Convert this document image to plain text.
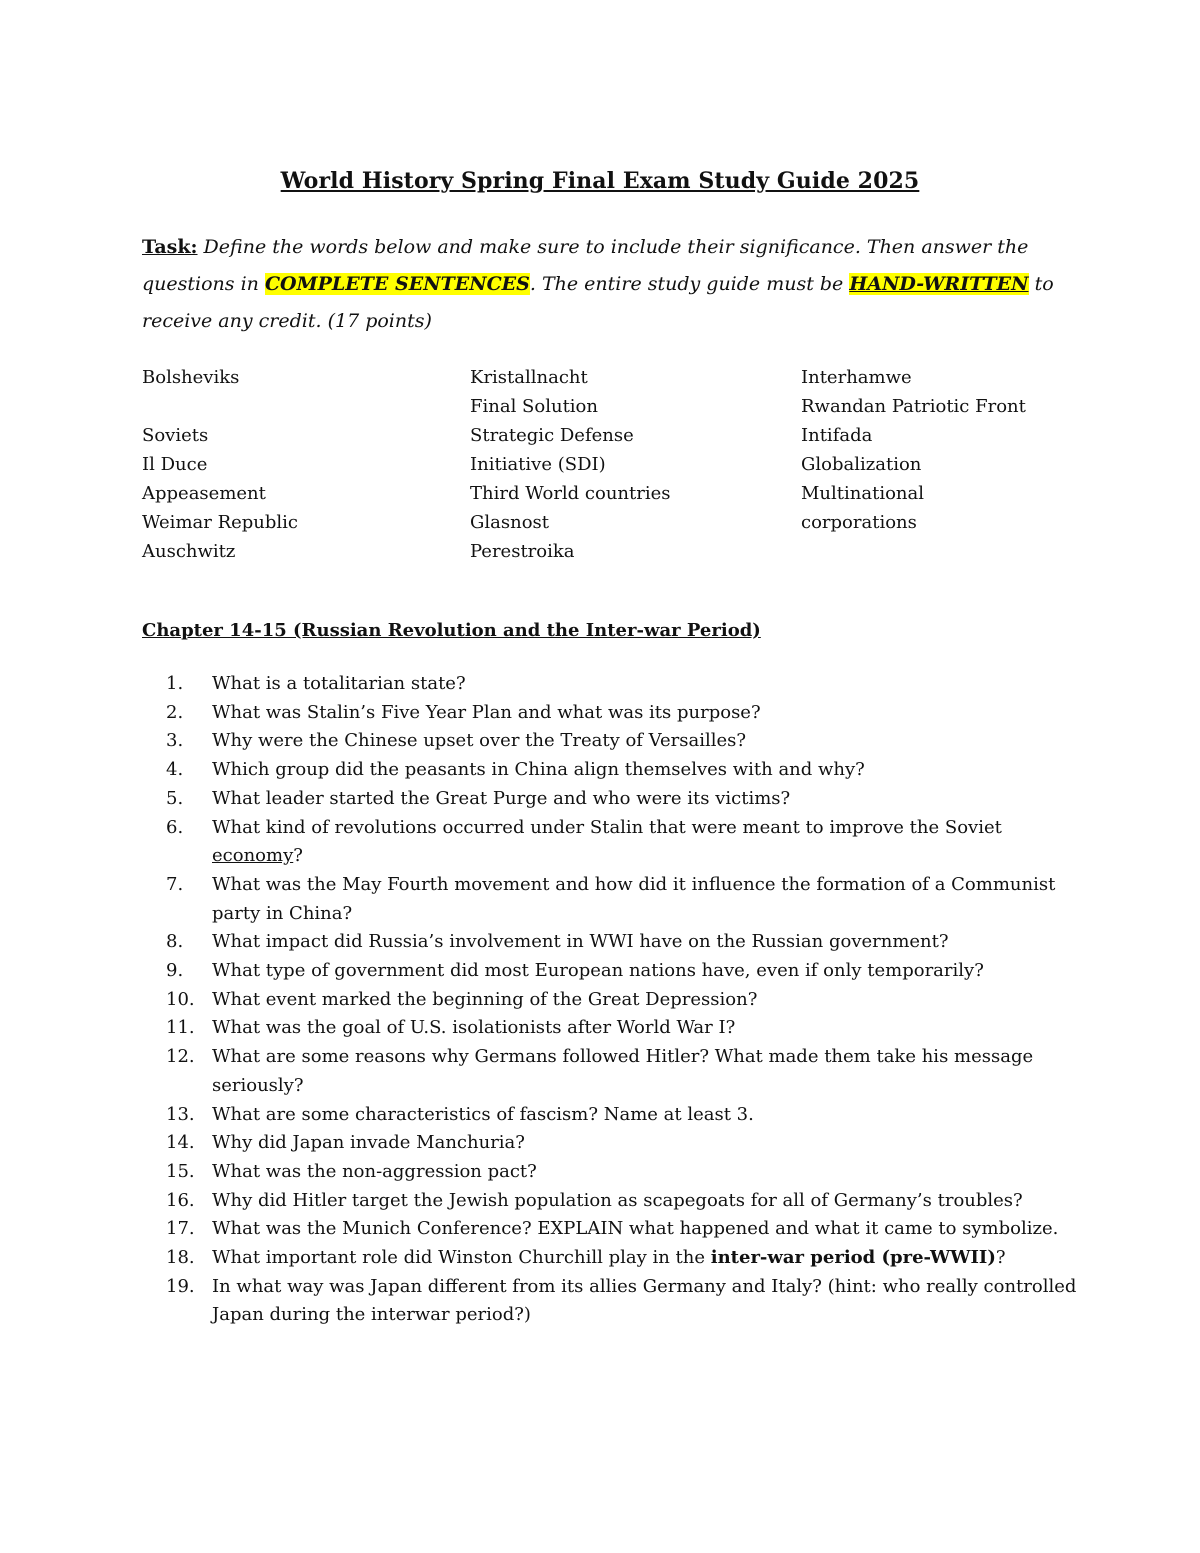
World History Spring Final Exam Study Guide 2025
Task: Define the words below and make sure to include their significance. Then answer the questions in COMPLETE SENTENCES. The entire study guide must be HAND-WRITTEN to receive any credit. (17 points)
Bolsheviks
Soviets
Il Duce
Appeasement
Weimar Republic
Auschwitz
Kristallnacht
Final Solution
Strategic Defense
Initiative (SDI)
Third World countries
Glasnost
Perestroika
Interhamwe
Rwandan Patriotic Front
Intifada
Globalization
Multinational
corporations
Chapter 14-15 (Russian Revolution and the Inter-war Period)
1.	What is a totalitarian state?
2.	What was Stalin’s Five Year Plan and what was its purpose?
3.	Why were the Chinese upset over the Treaty of Versailles?
4.	Which group did the peasants in China align themselves with and why?
5.	What leader started the Great Purge and who were its victims?
6.	What kind of revolutions occurred under Stalin that were meant to improve the Soviet economy?
7.	What was the May Fourth movement and how did it influence the formation of a Communist party in China?
8.	What impact did Russia’s involvement in WWI have on the Russian government?
9.	What type of government did most European nations have, even if only temporarily?
10. What event marked the beginning of the Great Depression?
11. What was the goal of U.S. isolationists after World War I?
12. What are some reasons why Germans followed Hitler? What made them take his message seriously?
13. What are some characteristics of fascism? Name at least 3.
14. Why did Japan invade Manchuria?
15. What was the non-aggression pact?
16. Why did Hitler target the Jewish population as scapegoats for all of Germany’s troubles?
17. What was the Munich Conference? EXPLAIN what happened and what it came to symbolize.
18. What important role did Winston Churchill play in the inter-war period (pre-WWII)?
19. In what way was Japan different from its allies Germany and Italy? (hint: who really controlled Japan during the interwar period?)
